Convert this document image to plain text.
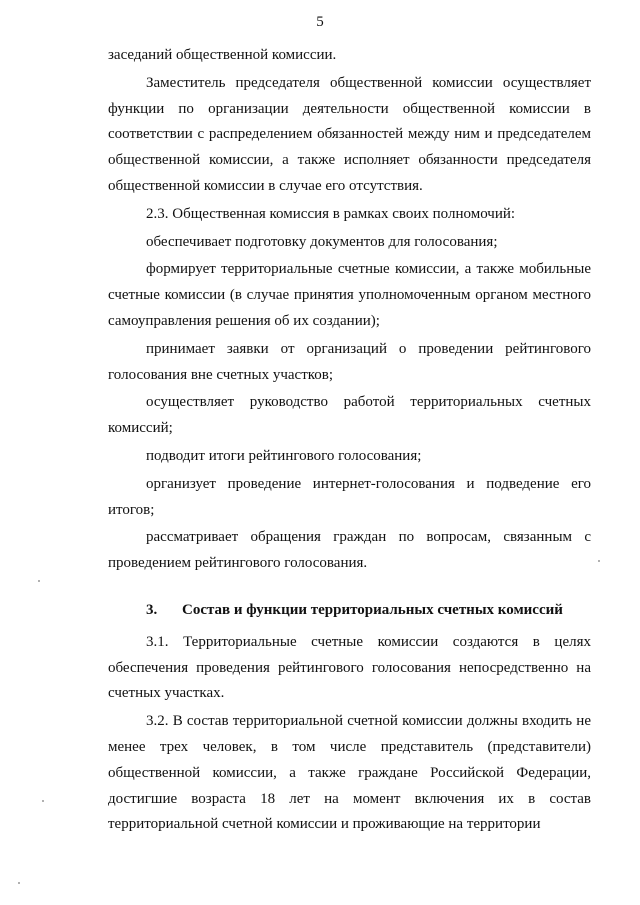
5

заседаний общественной комиссии.

Заместитель председателя общественной комиссии осуществляет функции по организации деятельности общественной комиссии в соответствии с распределением обязанностей между ним и председателем общественной комиссии, а также исполняет обязанности председателя общественной комиссии в случае его отсутствия.

2.3. Общественная комиссия в рамках своих полномочий:

обеспечивает подготовку документов для голосования;

формирует территориальные счетные комиссии, а также мобильные счетные комиссии (в случае принятия уполномоченным органом местного самоуправления решения об их создании);

принимает заявки от организаций о проведении рейтингового голосования вне счетных участков;

осуществляет руководство работой территориальных счетных комиссий;

подводит итоги рейтингового голосования;

организует проведение интернет-голосования и подведение его итогов;

рассматривает обращения граждан по вопросам, связанным с проведением рейтингового голосования.

3.	Состав и функции территориальных счетных комиссий

3.1. Территориальные счетные комиссии создаются в целях обеспечения проведения рейтингового голосования непосредственно на счетных участках.

3.2. В состав территориальной счетной комиссии должны входить не менее трех человек, в том числе представитель (представители) общественной комиссии, а также граждане Российской Федерации, достигшие возраста 18 лет на момент включения их в состав территориальной счетной комиссии и проживающие на территории
